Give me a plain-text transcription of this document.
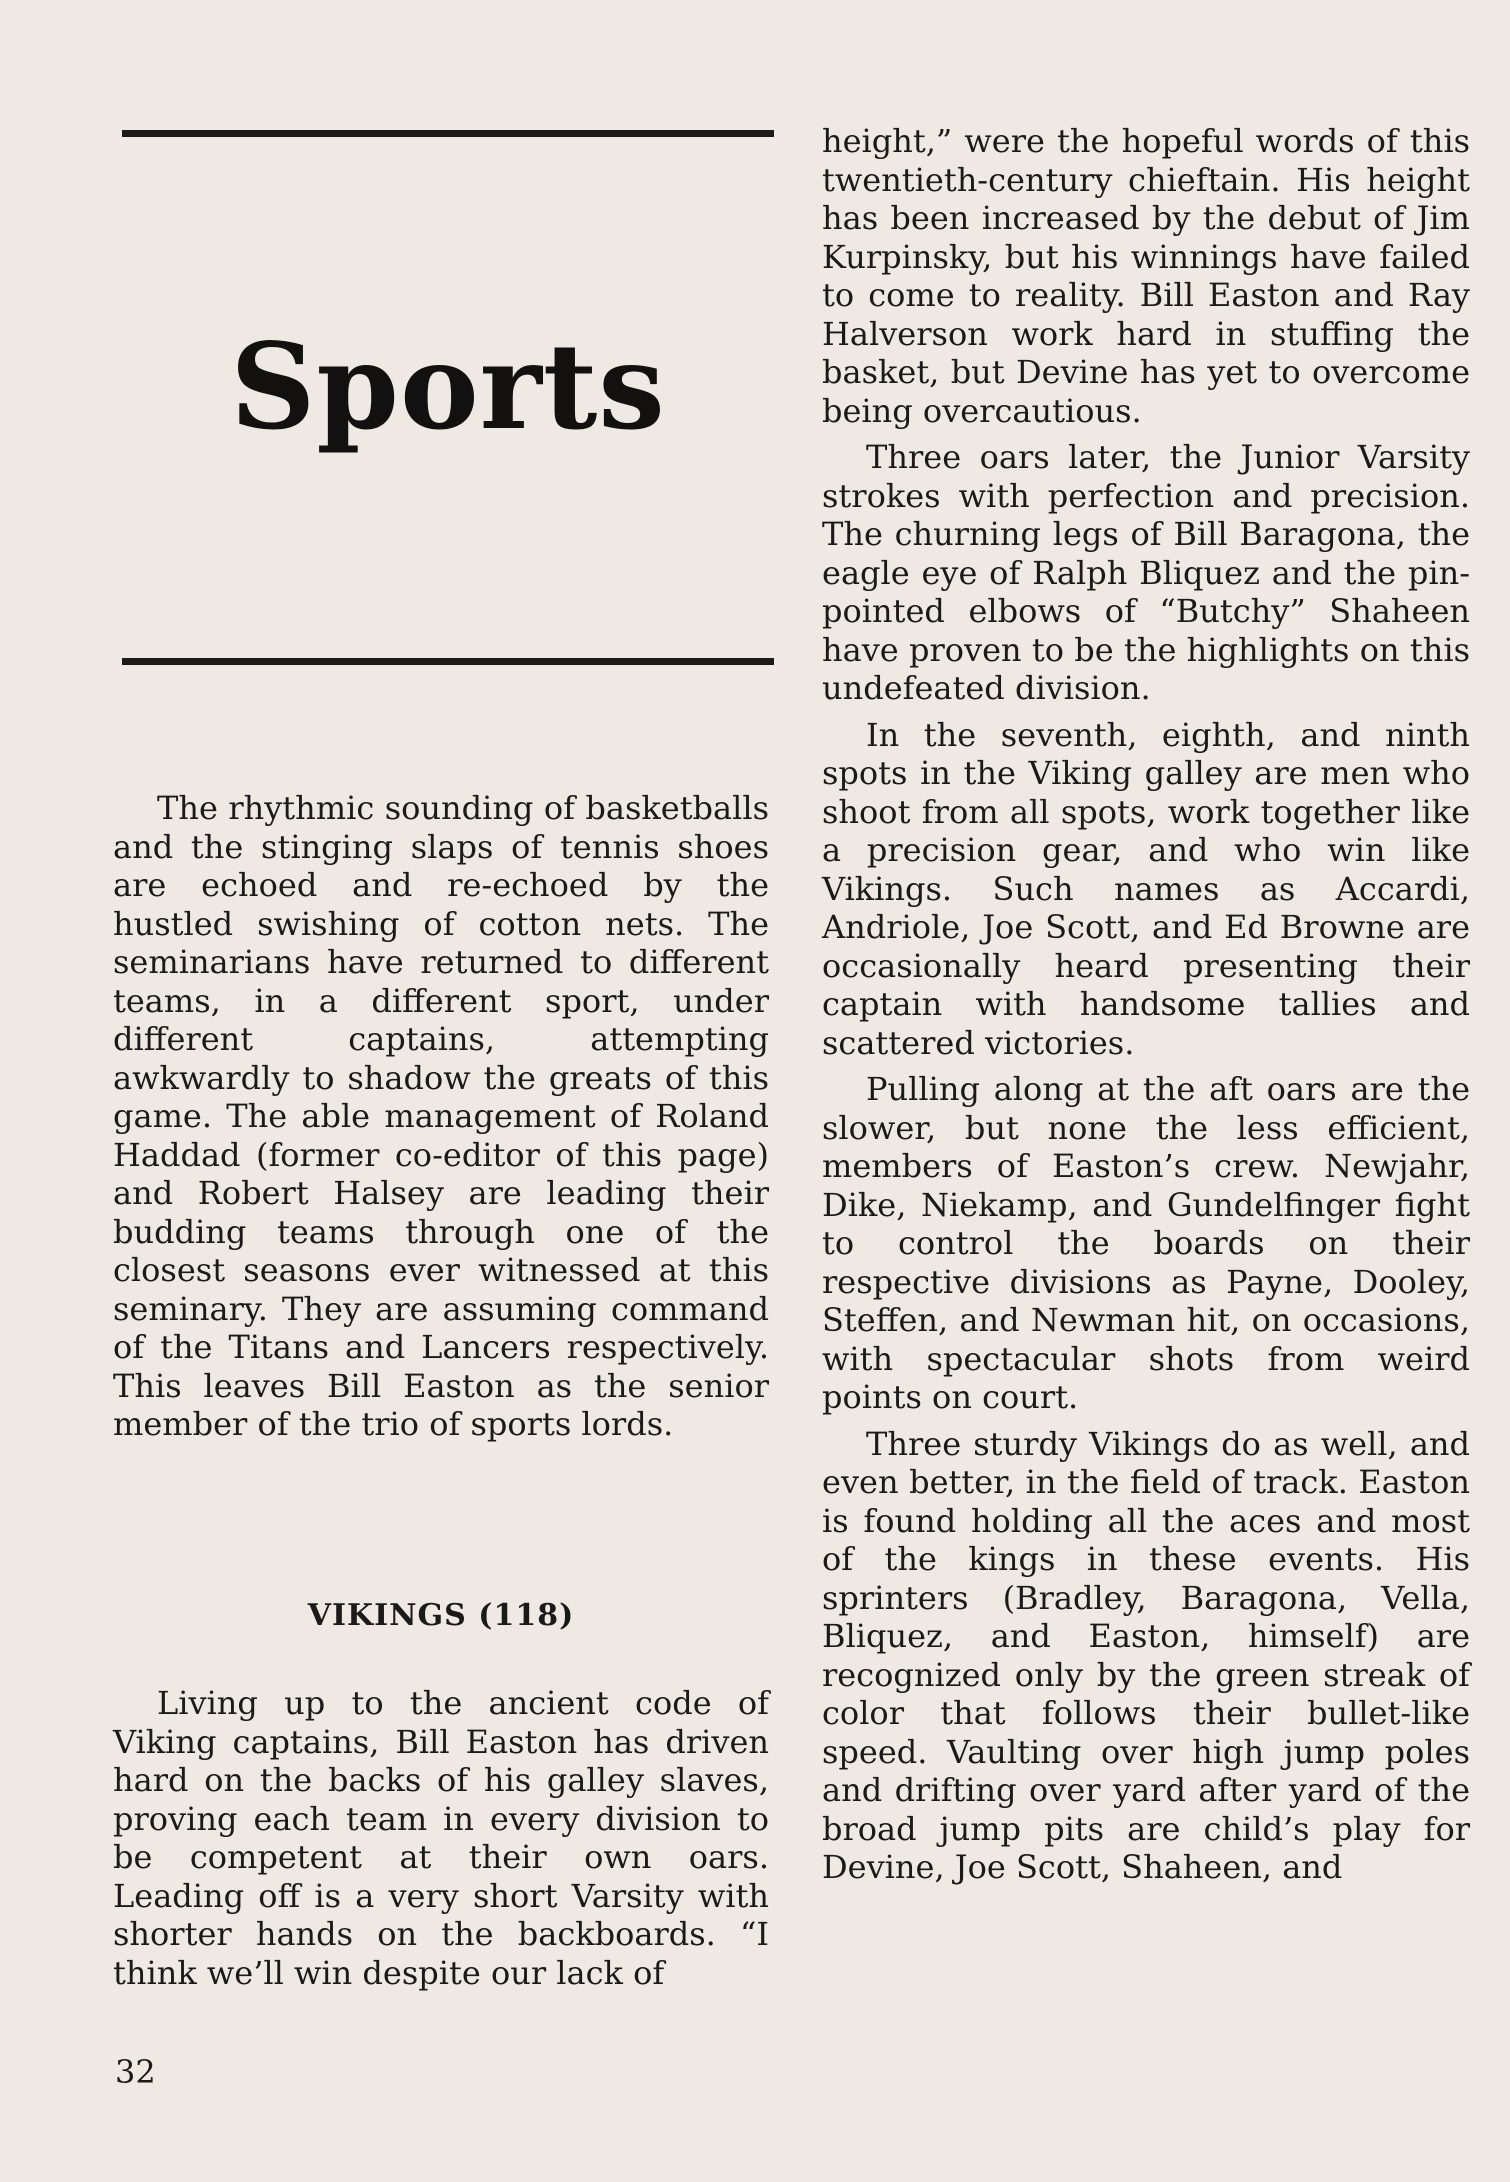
Sports

The rhythmic sounding of basketballs and the stinging slaps of tennis shoes are echoed and re-echoed by the hustled swishing of cotton nets. The seminarians have returned to different teams, in a different sport, under different captains, attempting awkwardly to shadow the greats of this game. The able management of Roland Haddad (former co-editor of this page) and Robert Halsey are leading their budding teams through one of the closest seasons ever witnessed at this seminary. They are assuming command of the Titans and Lancers respectively. This leaves Bill Easton as the senior member of the trio of sports lords.

VIKINGS (118)

Living up to the ancient code of Viking captains, Bill Easton has driven hard on the backs of his galley slaves, proving each team in every division to be competent at their own oars. Leading off is a very short Varsity with shorter hands on the backboards. “I think we’ll win despite our lack of

height,” were the hopeful words of this twentieth-century chieftain. His height has been increased by the debut of Jim Kurpinsky, but his winnings have failed to come to reality. Bill Easton and Ray Halverson work hard in stuffing the basket, but Devine has yet to overcome being overcautious.

Three oars later, the Junior Varsity strokes with perfection and precision. The churning legs of Bill Baragona, the eagle eye of Ralph Bliquez and the pin-pointed elbows of “Butchy” Shaheen have proven to be the highlights on this undefeated division.

In the seventh, eighth, and ninth spots in the Viking galley are men who shoot from all spots, work together like a precision gear, and who win like Vikings. Such names as Accardi, Andriole, Joe Scott, and Ed Browne are occasionally heard presenting their captain with handsome tallies and scattered victories.

Pulling along at the aft oars are the slower, but none the less efficient, members of Easton’s crew. Newjahr, Dike, Niekamp, and Gundelfinger fight to control the boards on their respective divisions as Payne, Dooley, Steffen, and Newman hit, on occasions, with spectacular shots from weird points on court.

Three sturdy Vikings do as well, and even better, in the field of track. Easton is found holding all the aces and most of the kings in these events. His sprinters (Bradley, Baragona, Vella, Bliquez, and Easton, himself) are recognized only by the green streak of color that follows their bullet-like speed. Vaulting over high jump poles and drifting over yard after yard of the broad jump pits are child’s play for Devine, Joe Scott, Shaheen, and

32
